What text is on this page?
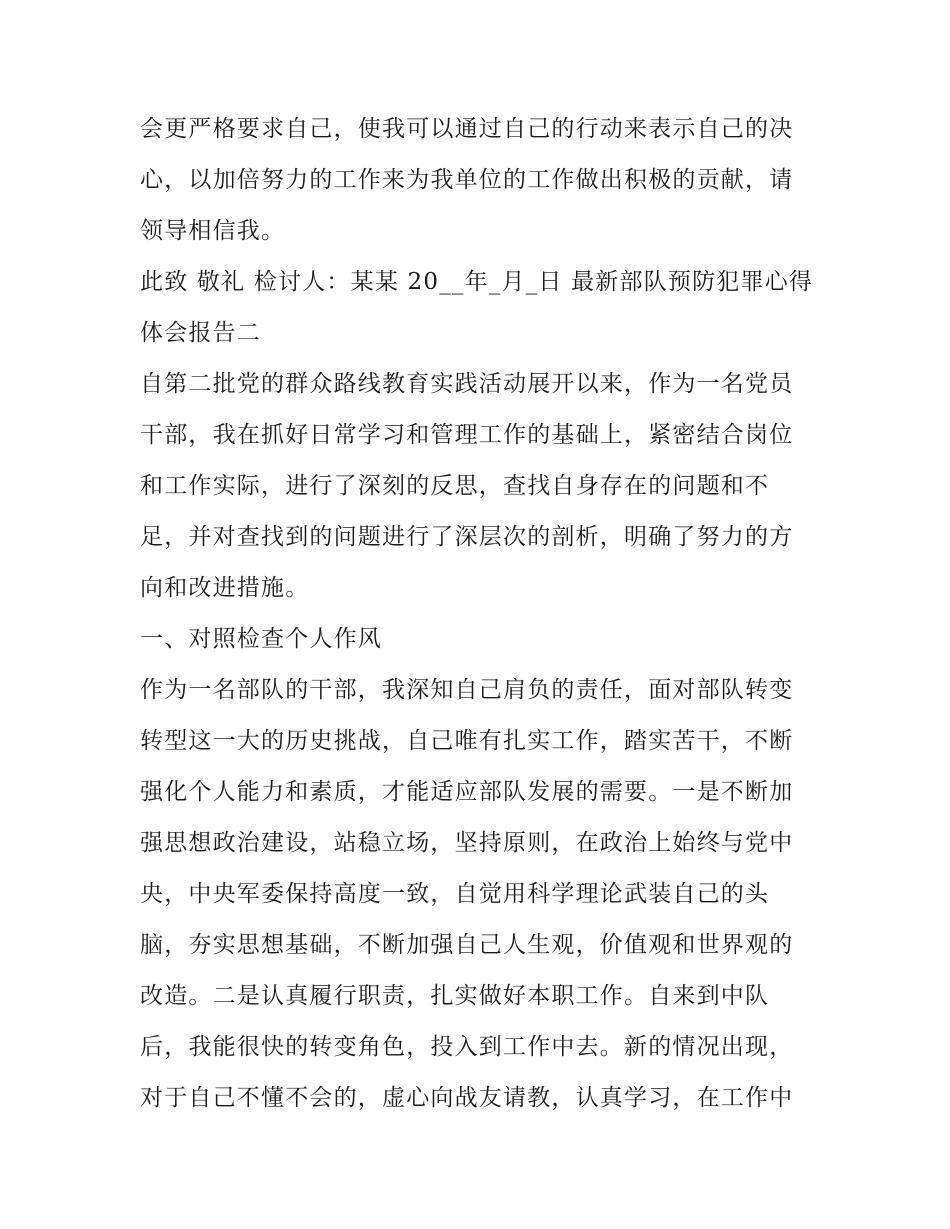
会更严格要求自己，使我可以通过自己的行动来表示自己的决
心，以加倍努力的工作来为我单位的工作做出积极的贡献，请
领导相信我。
此致 敬礼 检讨人：某某 20__年_月_日 最新部队预防犯罪心得
体会报告二
自第二批党的群众路线教育实践活动展开以来，作为一名党员
干部，我在抓好日常学习和管理工作的基础上，紧密结合岗位
和工作实际，进行了深刻的反思，查找自身存在的问题和不
足，并对查找到的问题进行了深层次的剖析，明确了努力的方
向和改进措施。
一、对照检查个人作风
作为一名部队的干部，我深知自己肩负的责任，面对部队转变
转型这一大的历史挑战，自己唯有扎实工作，踏实苦干，不断
强化个人能力和素质，才能适应部队发展的需要。一是不断加
强思想政治建设，站稳立场，坚持原则，在政治上始终与党中
央，中央军委保持高度一致，自觉用科学理论武装自己的头
脑，夯实思想基础，不断加强自己人生观，价值观和世界观的
改造。二是认真履行职责，扎实做好本职工作。自来到中队
后，我能很快的转变角色，投入到工作中去。新的情况出现，
对于自己不懂不会的，虚心向战友请教，认真学习，在工作中
